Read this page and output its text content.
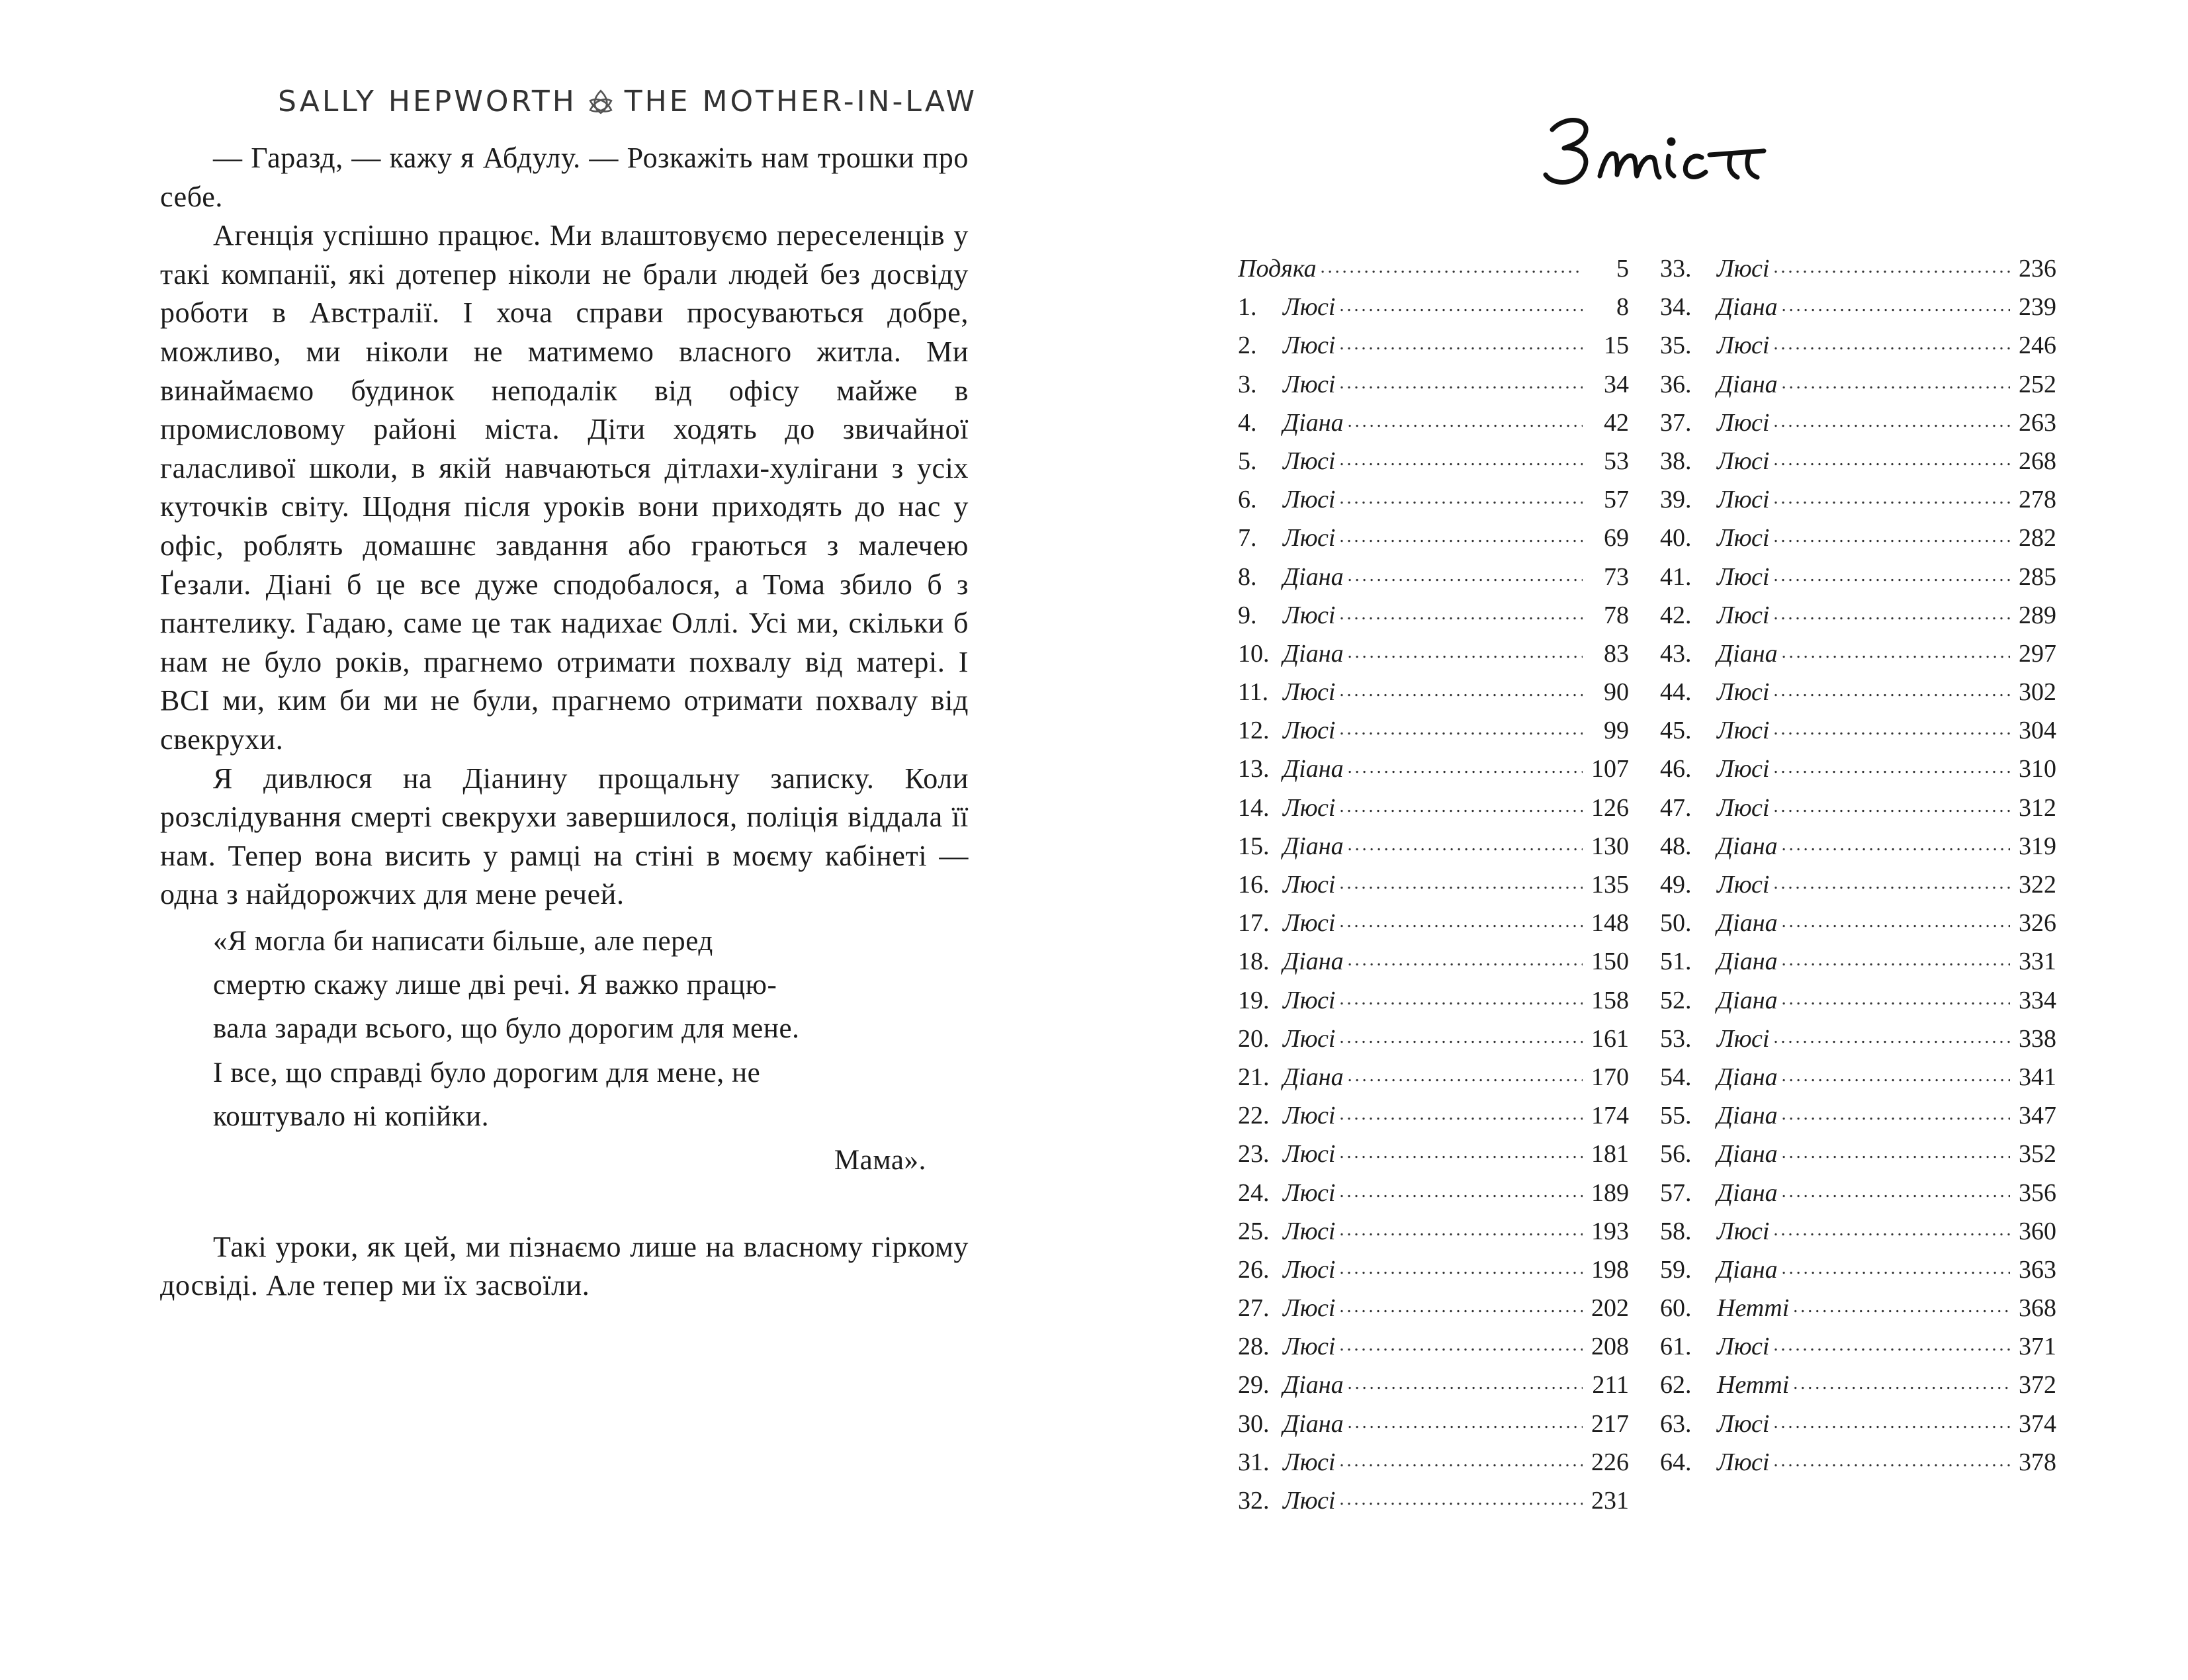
SALLY HEPWORTH THE MOTHER-IN-LAW

— Гаразд, — кажу я Абдулу. — Розкажіть нам трошки про себе.

Агенція успішно працює. Ми влаштовуємо переселенців у такі компанії, які дотепер ніколи не брали людей без досвіду роботи в Австралії. І хоча справи просуваються добре, можливо, ми ніколи не матимемо власного житла. Ми винаймаємо будинок неподалік від офісу майже в промисловому районі міста. Діти ходять до звичайної галасливої школи, в якій навчаються дітлахи-хулігани з усіх куточків світу. Щодня після уроків вони приходять до нас у офіс, роблять домашнє завдання або граються з малечею Ґезали. Діані б це все дуже сподобалося, а Тома збило б з пантелику. Гадаю, саме це так надихає Оллі. Усі ми, скільки б нам не було років, прагнемо отримати похвалу від матері. І ВСІ ми, ким би ми не були, прагнемо отримати похвалу від свекрухи.

Я дивлюся на Діанину прощальну записку. Коли розслідування смерті свекрухи завершилося, поліція віддала її нам. Тепер вона висить у рамці на стіні в моєму кабінеті — одна з найдорожчих для мене речей.

«Я могла би написати більше, але перед
смертю скажу лише дві речі. Я важко працю-
вала заради всього, що було дорогим для мене.
І все, що справді було дорогим для мене, не
коштувало ні копійки.
Мама».

Такі уроки, як цей, ми пізнаємо лише на власному гіркому досвіді. Але тепер ми їх засвоїли.

Подяка .....	5
1.	Люсі .....	8
2.	Люсі .....	15
3.	Люсі .....	34
4.	Діана .....	42
5.	Люсі .....	53
6.	Люсі .....	57
7.	Люсі .....	69
8.	Діана .....	73
9.	Люсі .....	78
10. Діана .....	83
11. Люсі .....	90
12. Люсі .....	99
13. Діана .....	107
14. Люсі .....	126
15. Діана .....	130
16. Люсі .....	135
17. Люсі .....	148
18. Діана .....	150
19. Люсі .....	158
20. Люсі .....	161
21. Діана .....	170
22. Люсі .....	174
23. Люсі .....	181
24. Люсі .....	189
25. Люсі .....	193
26. Люсі .....	198
27. Люсі .....	202
28. Люсі .....	208
29. Діана .....	211
30. Діана .....	217
31. Люсі .....	226
32. Люсі .....	231
33.	Люсі .....	236
34.	Діана .....	239
35.	Люсі .....	246
36.	Діана .....	252
37.	Люсі .....	263
38.	Люсі .....	268
39.	Люсі .....	278
40.	Люсі .....	282
41.	Люсі .....	285
42.	Люсі .....	289
43.	Діана .....	297
44.	Люсі .....	302
45.	Люсі .....	304
46.	Люсі .....	310
47.	Люсі .....	312
48.	Діана .....	319
49.	Люсі .....	322
50.	Діана .....	326
51.	Діана .....	331
52.	Діана .....	334
53.	Люсі .....	338
54.	Діана .....	341
55.	Діана .....	347
56.	Діана .....	352
57.	Діана .....	356
58.	Люсі .....	360
59.	Діана .....	363
60.	Нетті .....	368
61.	Люсі .....	371
62.	Нетті .....	372
63.	Люсі .....	374
64.	Люсі .....	378
